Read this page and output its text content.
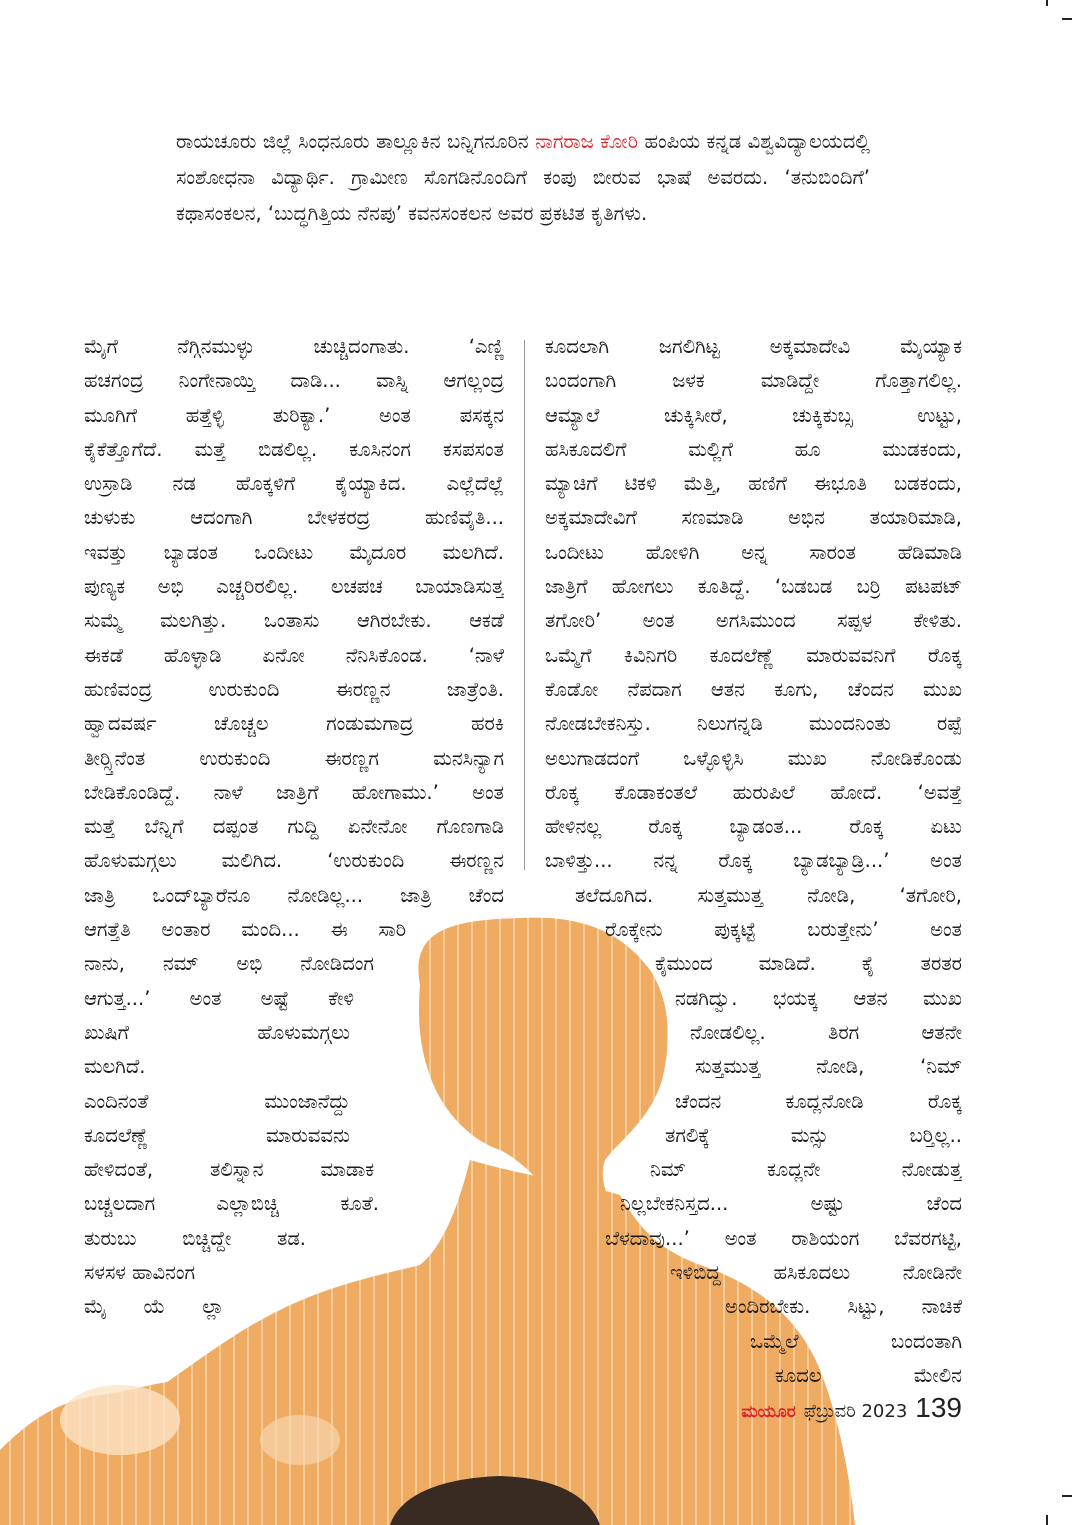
ರಾಯಚೂರು ಜಿಲ್ಲೆ ಸಿಂಧನೂರು ತಾಲ್ಲೂಕಿನ ಬನ್ನಿಗನೂರಿನ ನಾಗರಾಜ ಕೋರಿ ಹಂಪಿಯ ಕನ್ನಡ ವಿಶ್ವವಿದ್ಯಾಲಯದಲ್ಲಿ ಸಂಶೋಧನಾ ವಿದ್ಯಾರ್ಥಿ. ಗ್ರಾಮೀಣ ಸೊಗಡಿನೊಂದಿಗೆ ಕಂಪು ಬೀರುವ ಭಾಷೆ ಅವರದು. ‘ತನುಬಿಂದಿಗೆ’ ಕಥಾಸಂಕಲನ, ‘ಬುದ್ಧಗಿತ್ತಿಯ ನೆನಪು’ ಕವನಸಂಕಲನ ಅವರ ಪ್ರಕಟಿತ ಕೃತಿಗಳು.
ಮೈಗೆ ನೆಗ್ಗಿನಮುಳ್ಳು ಚುಚ್ಚಿದಂಗಾತು. ‘ಎಣ್ಣಿ
ಹಚಗಂದ್ರ ನಿಂಗೇನಾಯ್ತಿ ದಾಡಿ... ವಾಸ್ನಿ ಆಗಲ್ಲಂದ್ರ
ಮೂಗಿಗೆ ಹತ್ತೆಳ್ಳಿ ತುರಿಕ್ಯಾ.’ ಅಂತ ಪಸಕ್ಕನ
ಕೈಕೆತ್ತೊಗೆದೆ. ಮತ್ತೆ ಬಿಡಲಿಲ್ಲ. ಕೂಸಿನಂಗ ಕಸಪಸಂತ
ಉಸ್ರಾಡಿ ನಡ ಹೊಕ್ಕಳಿಗೆ ಕೈಯ್ಯಾಕಿದ. ಎಲ್ಲೆದೆಲ್ಲೆ
ಚುಳುಕು ಆದಂಗಾಗಿ ಬೇಳಕರದ್ರ ಹುಣಿವೈತಿ...
ಇವತ್ತು ಬ್ಯಾಡಂತ ಒಂದೀಟು ಮೈದೂರ ಮಲಗಿದೆ.
ಪುಣ್ಯಕ ಅಭಿ ಎಚ್ಚರಿರಲಿಲ್ಲ. ಲಚಪಚ ಬಾಯಾಡಿಸುತ್ತ
ಸುಮ್ಮೆ ಮಲಗಿತ್ತು. ಒಂತಾಸು ಆಗಿರಬೇಕು. ಆಕಡೆ
ಈಕಡೆ ಹೊಳ್ಳಾಡಿ ಏನೋ ನೆನಿಸಿಕೊಂಡ. ‘ನಾಳೆ
ಹುಣಿವಂದ್ರ ಉರುಕುಂದಿ ಈರಣ್ಣನ ಜಾತ್ರೆಂತಿ.
ಹ್ವಾದವರ್ಷ ಚೊಚ್ಚಲ ಗಂಡುಮಗಾದ್ರ ಹರಕಿ
ತೀರ್‍ಸ್ತಿನೆಂತ ಉರುಕುಂದಿ ಈರಣ್ಣಗ ಮನಸಿನ್ಯಾಗ
ಬೇಡಿಕೊಂಡಿದ್ದೆ. ನಾಳೆ ಜಾತ್ರಿಗೆ ಹೋಗಾಮು.’ ಅಂತ
ಮತ್ತೆ ಬೆನ್ನಿಗೆ ದಪ್ಪಂತ ಗುದ್ದಿ ಏನೇನೋ ಗೊಣಗಾಡಿ
ಹೊಳುಮಗ್ಗಲು ಮಲಿಗಿದ. ‘ಉರುಕುಂದಿ ಈರಣ್ಣನ
ಜಾತ್ರಿ ಒಂದ್‌ಬ್ಯಾರೆನೂ ನೋಡಿಲ್ಲ... ಜಾತ್ರಿ ಚೆಂದ
ಆಗತ್ತೆತಿ ಅಂತಾರ ಮಂದಿ... ಈ ಸಾರಿ
ನಾನು, ನಮ್ ಅಭಿ ನೋಡಿದಂಗ
ಆಗುತ್ತ...’ ಅಂತ ಅಷ್ಟೆ ಕೇಳಿ
ಖುಷಿಗೆ ಹೊಳುಮಗ್ಗಲು
ಮಲಗಿದೆ.
ಎಂದಿನಂತೆ ಮುಂಜಾನೆದ್ದು
ಕೂದಲೆಣ್ಣೆ ಮಾರುವವನು
ಹೇಳಿದಂತೆ, ತಲಿಸ್ನಾನ ಮಾಡಾಕ
ಬಚ್ಚಲದಾಗ ಎಲ್ಲಾಬಿಚ್ಚಿ ಕೂತೆ.
ತುರುಬು ಬಿಚ್ಚಿದ್ದೇ ತಡ.
ಸಳಸಳ ಹಾವಿನಂಗ
ಮೈ ಯೆ ಲ್ಲಾ
ಕೂದಲಾಗಿ ಜಗಲಿಗಿಟ್ಟ ಅಕ್ಕಮಾದೇವಿ ಮೈಯ್ಯಾಕ
ಬಂದಂಗಾಗಿ ಜಳಕ ಮಾಡಿದ್ದೇ ಗೊತ್ತಾಗಲಿಲ್ಲ.
ಆಮ್ಯಾಲೆ ಚುಕ್ಕಿಸೀರೆ, ಚುಕ್ಕಿಕುಬ್ಸ ಉಟ್ಟು,
ಹಸಿಕೂದಲಿಗೆ ಮಲ್ಲಿಗೆ ಹೂ ಮುಡಕಂದು,
ಮ್ಯಾಚಿಗೆ ಟಿಕಳಿ ಮೆತ್ತಿ, ಹಣಿಗೆ ಈಭೂತಿ ಬಡಕಂದು,
ಅಕ್ಕಮಾದೇವಿಗೆ ಸಣಮಾಡಿ ಅಭಿನ ತಯಾರಿಮಾಡಿ,
ಒಂದೀಟು ಹೋಳಿಗಿ ಅನ್ನ ಸಾರಂತ ಹೆಡಿಮಾಡಿ
ಜಾತ್ರಿಗೆ ಹೋಗಲು ಕೂತಿದ್ದೆ. ‘ಬಡಬಡ ಬರ್ರಿ ಪಟಪಟ್
ತಗೋರಿ’ ಅಂತ ಅಗಸಿಮುಂದ ಸಪ್ಪಳ ಕೇಳಿತು.
ಒಮ್ಮೆಗೆ ಕಿವಿನಿಗರಿ ಕೂದಲೆಣ್ಣೆ ಮಾರುವವನಿಗೆ ರೊಕ್ಕ
ಕೊಡೋ ನೆಪದಾಗ ಆತನ ಕೂಗು, ಚೆಂದನ ಮುಖ
ನೋಡಬೇಕನಿಸ್ತು. ನಿಲುಗನ್ನಡಿ ಮುಂದನಿಂತು ರಪ್ಪೆ
ಅಲುಗಾಡದಂಗೆ ಒಳ್ಳೊಳ್ಳಿಸಿ ಮುಖ ನೋಡಿಕೊಂಡು
ರೊಕ್ಕ ಕೊಡಾಕಂತಲೆ ಹುರುಪಿಲೆ ಹೋದೆ. ‘ಅವತ್ತೆ
ಹೇಳಿನಲ್ಲ ರೊಕ್ಕ ಬ್ಯಾಡಂತ... ರೊಕ್ಕ ಏಟು
ಬಾಳಿತ್ತು... ನನ್ನ ರೊಕ್ಕ ಬ್ಯಾಡಬ್ಯಾಡ್ರಿ...’ ಅಂತ
ತಲೆದೂಗಿದ. ಸುತ್ತಮುತ್ತ ನೋಡಿ, ‘ತಗೋರಿ,
ರೊಕ್ಕೇನು ಪುಕ್ಕಟ್ಟೆ ಬರುತ್ತೇನು’ ಅಂತ
ಕೈಮುಂದ ಮಾಡಿದೆ. ಕೈ ತರತರ
ನಡಗಿದ್ವು. ಭಯಕ್ಕ ಆತನ ಮುಖ
ನೋಡಲಿಲ್ಲ. ತಿರಗ ಆತನೇ
ಸುತ್ತಮುತ್ತ ನೋಡಿ, ‘ನಿಮ್
ಚೆಂದನ ಕೂದ್ಲನೋಡಿ ರೊಕ್ಕ
ತಗಲಿಕ್ಕೆ ಮನ್ಸು ಬರ್‍ತಿಲ್ಲ..
ನಿಮ್ ಕೂದ್ಲನೇ ನೋಡುತ್ತ
ನಿಲ್ಲಬೇಕನಿಸ್ತದ... ಅಷ್ಟು ಚೆಂದ
ಬೆಳದಾವು...’ ಅಂತ ರಾಶಿಯಂಗ ಬೆವರಗಟ್ಟಿ,
ಇಳಿಬಿದ್ದ ಹಸಿಕೂದಲು ನೋಡಿನೇ
ಅಂದಿರಬೇಕು. ಸಿಟ್ಟು, ನಾಚಿಕೆ
ಒಮ್ಮೆಲೆ ಬಂದಂತಾಗಿ
ಕೂದಲ ಮೇಲಿನ
ಮಯೂರ ಫೆಬ್ರುವರಿ 2023 139
